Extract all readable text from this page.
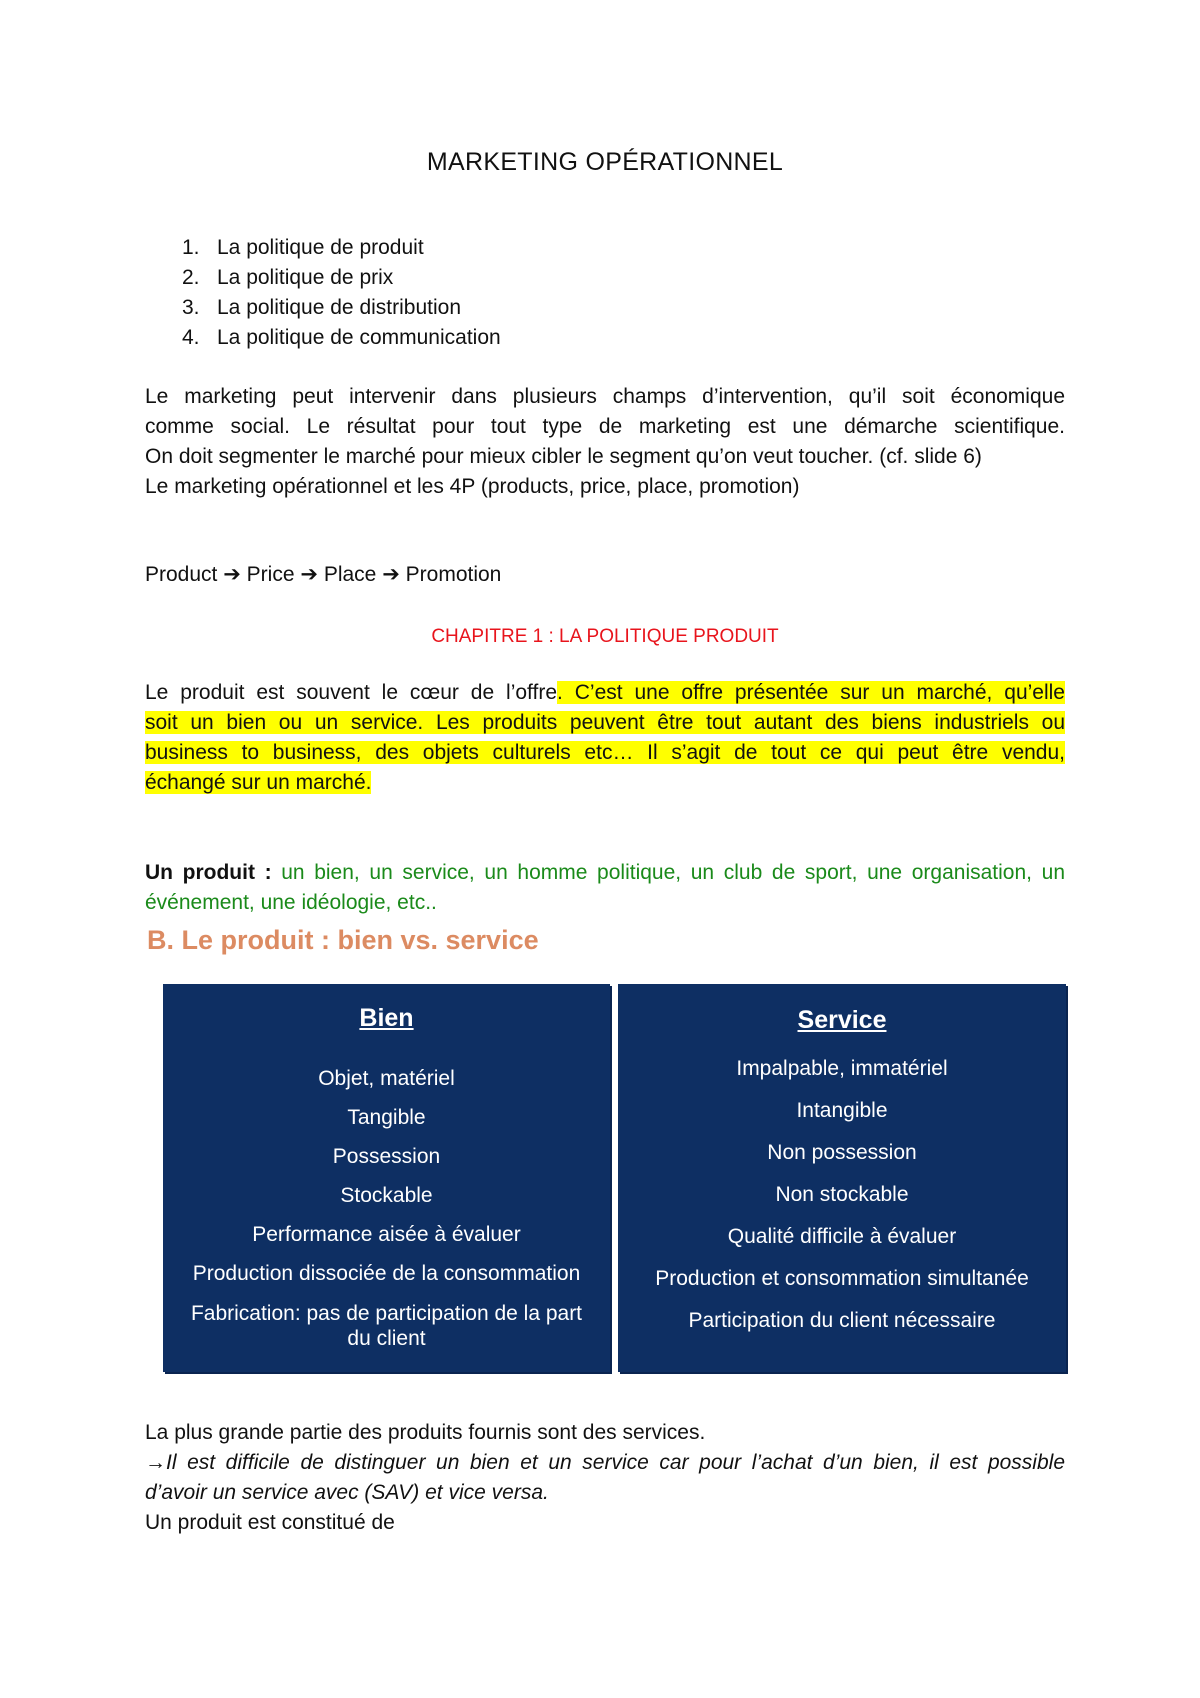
MARKETING OPÉRATIONNEL
1. La politique de produit
2. La politique de prix
3. La politique de distribution
4. La politique de communication

Le marketing peut intervenir dans plusieurs champs d’intervention, qu’il soit économique
comme social. Le résultat pour tout type de marketing est une démarche scientifique.
On doit segmenter le marché pour mieux cibler le segment qu’on veut toucher. (cf. slide 6)
Le marketing opérationnel et les 4P (products, price, place, promotion)

Product ➔ Price ➔ Place ➔ Promotion

CHAPITRE 1 : LA POLITIQUE PRODUIT

Le produit est souvent le cœur de l’offre. C’est une offre présentée sur un marché, qu’elle
soit un bien ou un service. Les produits peuvent être tout autant des biens industriels ou
business to business, des objets culturels etc… Il s’agit de tout ce qui peut être vendu,
échangé sur un marché.

Un produit : un bien, un service, un homme politique, un club de sport, une organisation, un
événement, une idéologie, etc..

B. Le produit : bien vs. service
Bien
Objet, matériel
Tangible
Possession
Stockable
Performance aisée à évaluer
Production dissociée de la consommation
Fabrication: pas de participation de la part
du client
Service
Impalpable, immatériel
Intangible
Non possession
Non stockable
Qualité difficile à évaluer
Production et consommation simultanée
Participation du client nécessaire

La plus grande partie des produits fournis sont des services.
→Il est difficile de distinguer un bien et un service car pour l’achat d’un bien, il est possible
d’avoir un service avec (SAV) et vice versa.
Un produit est constitué de
